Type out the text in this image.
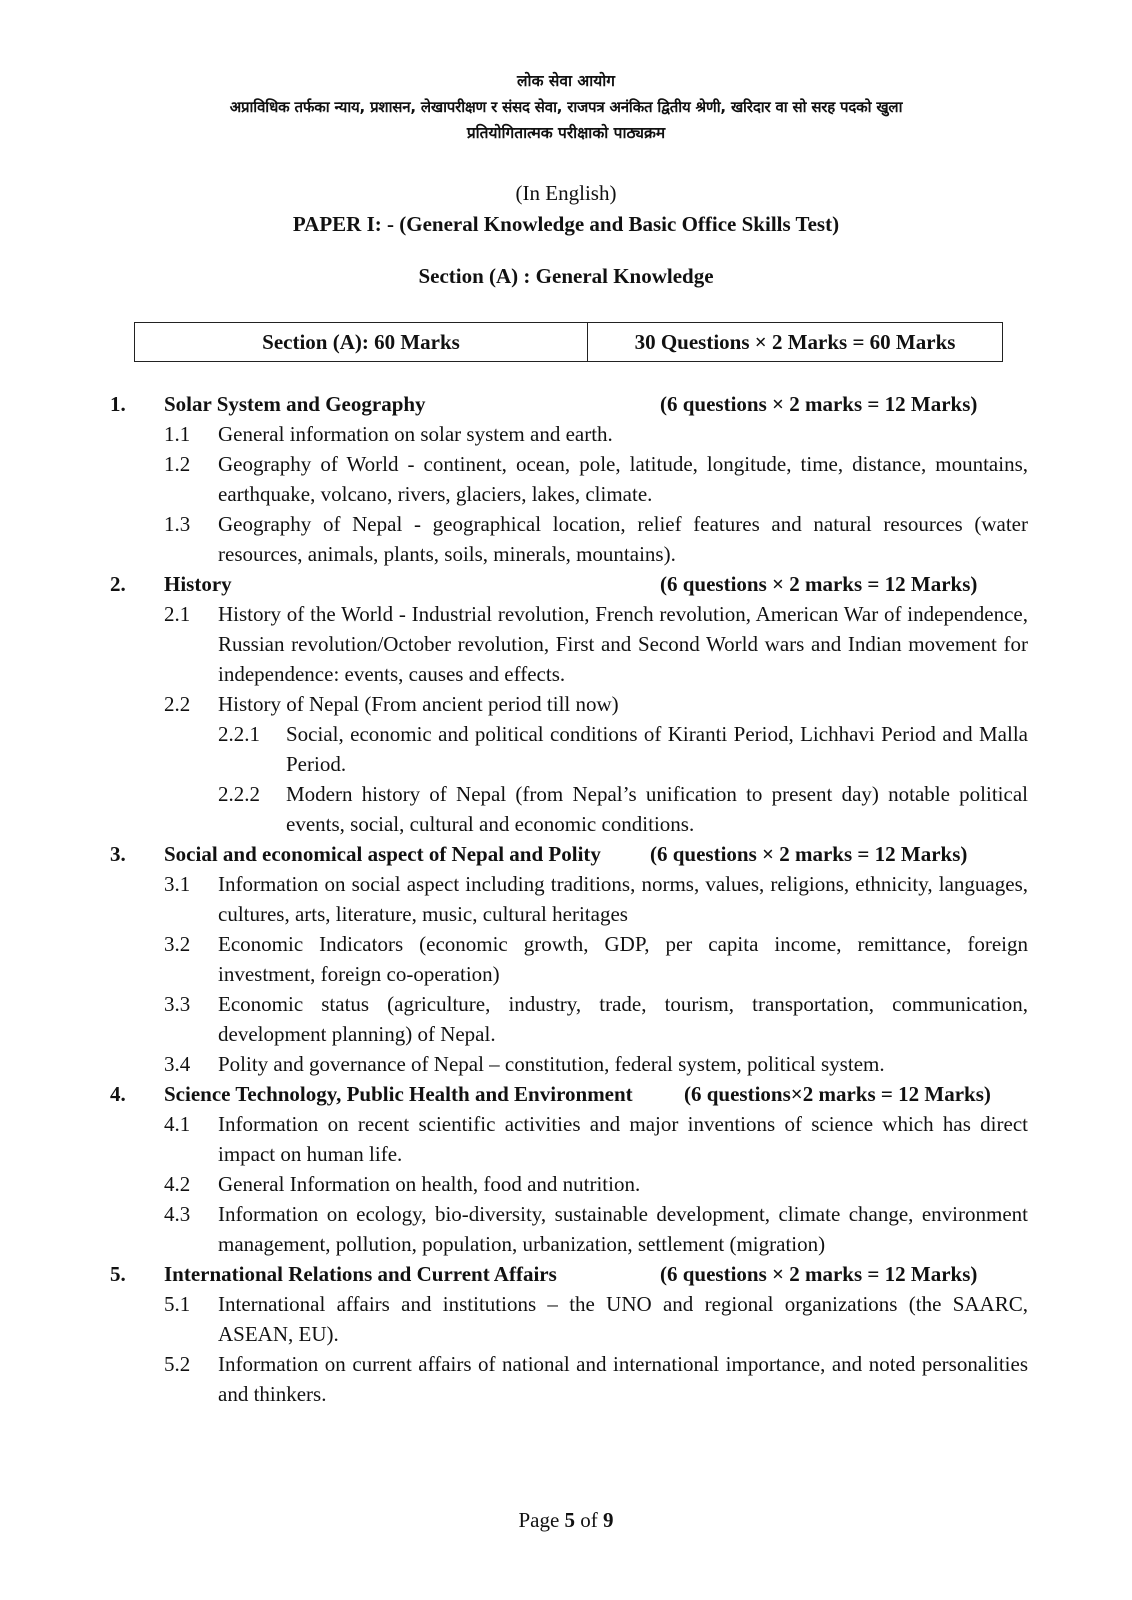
लोक सेवा आयोग
अप्राविधिक तर्फका न्याय, प्रशासन, लेखापरीक्षण र संसद सेवा, राजपत्र अनंकित द्वितीय श्रेणी, खरिदार वा सो सरह पदको खुला
प्रतियोगितात्मक परीक्षाको पाठ्यक्रम
(In English)
PAPER I: - (General Knowledge and Basic Office Skills Test)
Section (A) : General Knowledge
Section (A): 60 Marks	30 Questions × 2 Marks = 60 Marks
1.	Solar System and Geography	(6 questions × 2 marks = 12 Marks)
1.1	General information on solar system and earth.
1.2	Geography of World - continent, ocean, pole, latitude, longitude, time, distance, mountains, earthquake, volcano, rivers, glaciers, lakes, climate.
1.3	Geography of Nepal - geographical location, relief features and natural resources (water resources, animals, plants, soils, minerals, mountains).
2.	History	(6 questions × 2 marks = 12 Marks)
2.1	History of the World - Industrial revolution, French revolution, American War of independence, Russian revolution/October revolution, First and Second World wars and Indian movement for independence: events, causes and effects.
2.2	History of Nepal (From ancient period till now)
2.2.1	Social, economic and political conditions of Kiranti Period, Lichhavi Period and Malla Period.
2.2.2	Modern history of Nepal (from Nepal’s unification to present day) notable political events, social, cultural and economic conditions.
3.	Social and economical aspect of Nepal and Polity	(6 questions × 2 marks = 12 Marks)
3.1	Information on social aspect including traditions, norms, values, religions, ethnicity, languages, cultures, arts, literature, music, cultural heritages
3.2	Economic Indicators (economic growth, GDP, per capita income, remittance, foreign investment, foreign co-operation)
3.3	Economic status (agriculture, industry, trade, tourism, transportation, communication, development planning) of Nepal.
3.4	Polity and governance of Nepal – constitution, federal system, political system.
4.	Science Technology, Public Health and Environment	(6 questions×2 marks = 12 Marks)
4.1	Information on recent scientific activities and major inventions of science which has direct impact on human life.
4.2	General Information on health, food and nutrition.
4.3	Information on ecology, bio-diversity, sustainable development, climate change, environment management, pollution, population, urbanization, settlement (migration)
5.	International Relations and Current Affairs	(6 questions × 2 marks = 12 Marks)
5.1	International affairs and institutions – the UNO and regional organizations (the SAARC, ASEAN, EU).
5.2	Information on current affairs of national and international importance, and noted personalities and thinkers.
Page 5 of 9
